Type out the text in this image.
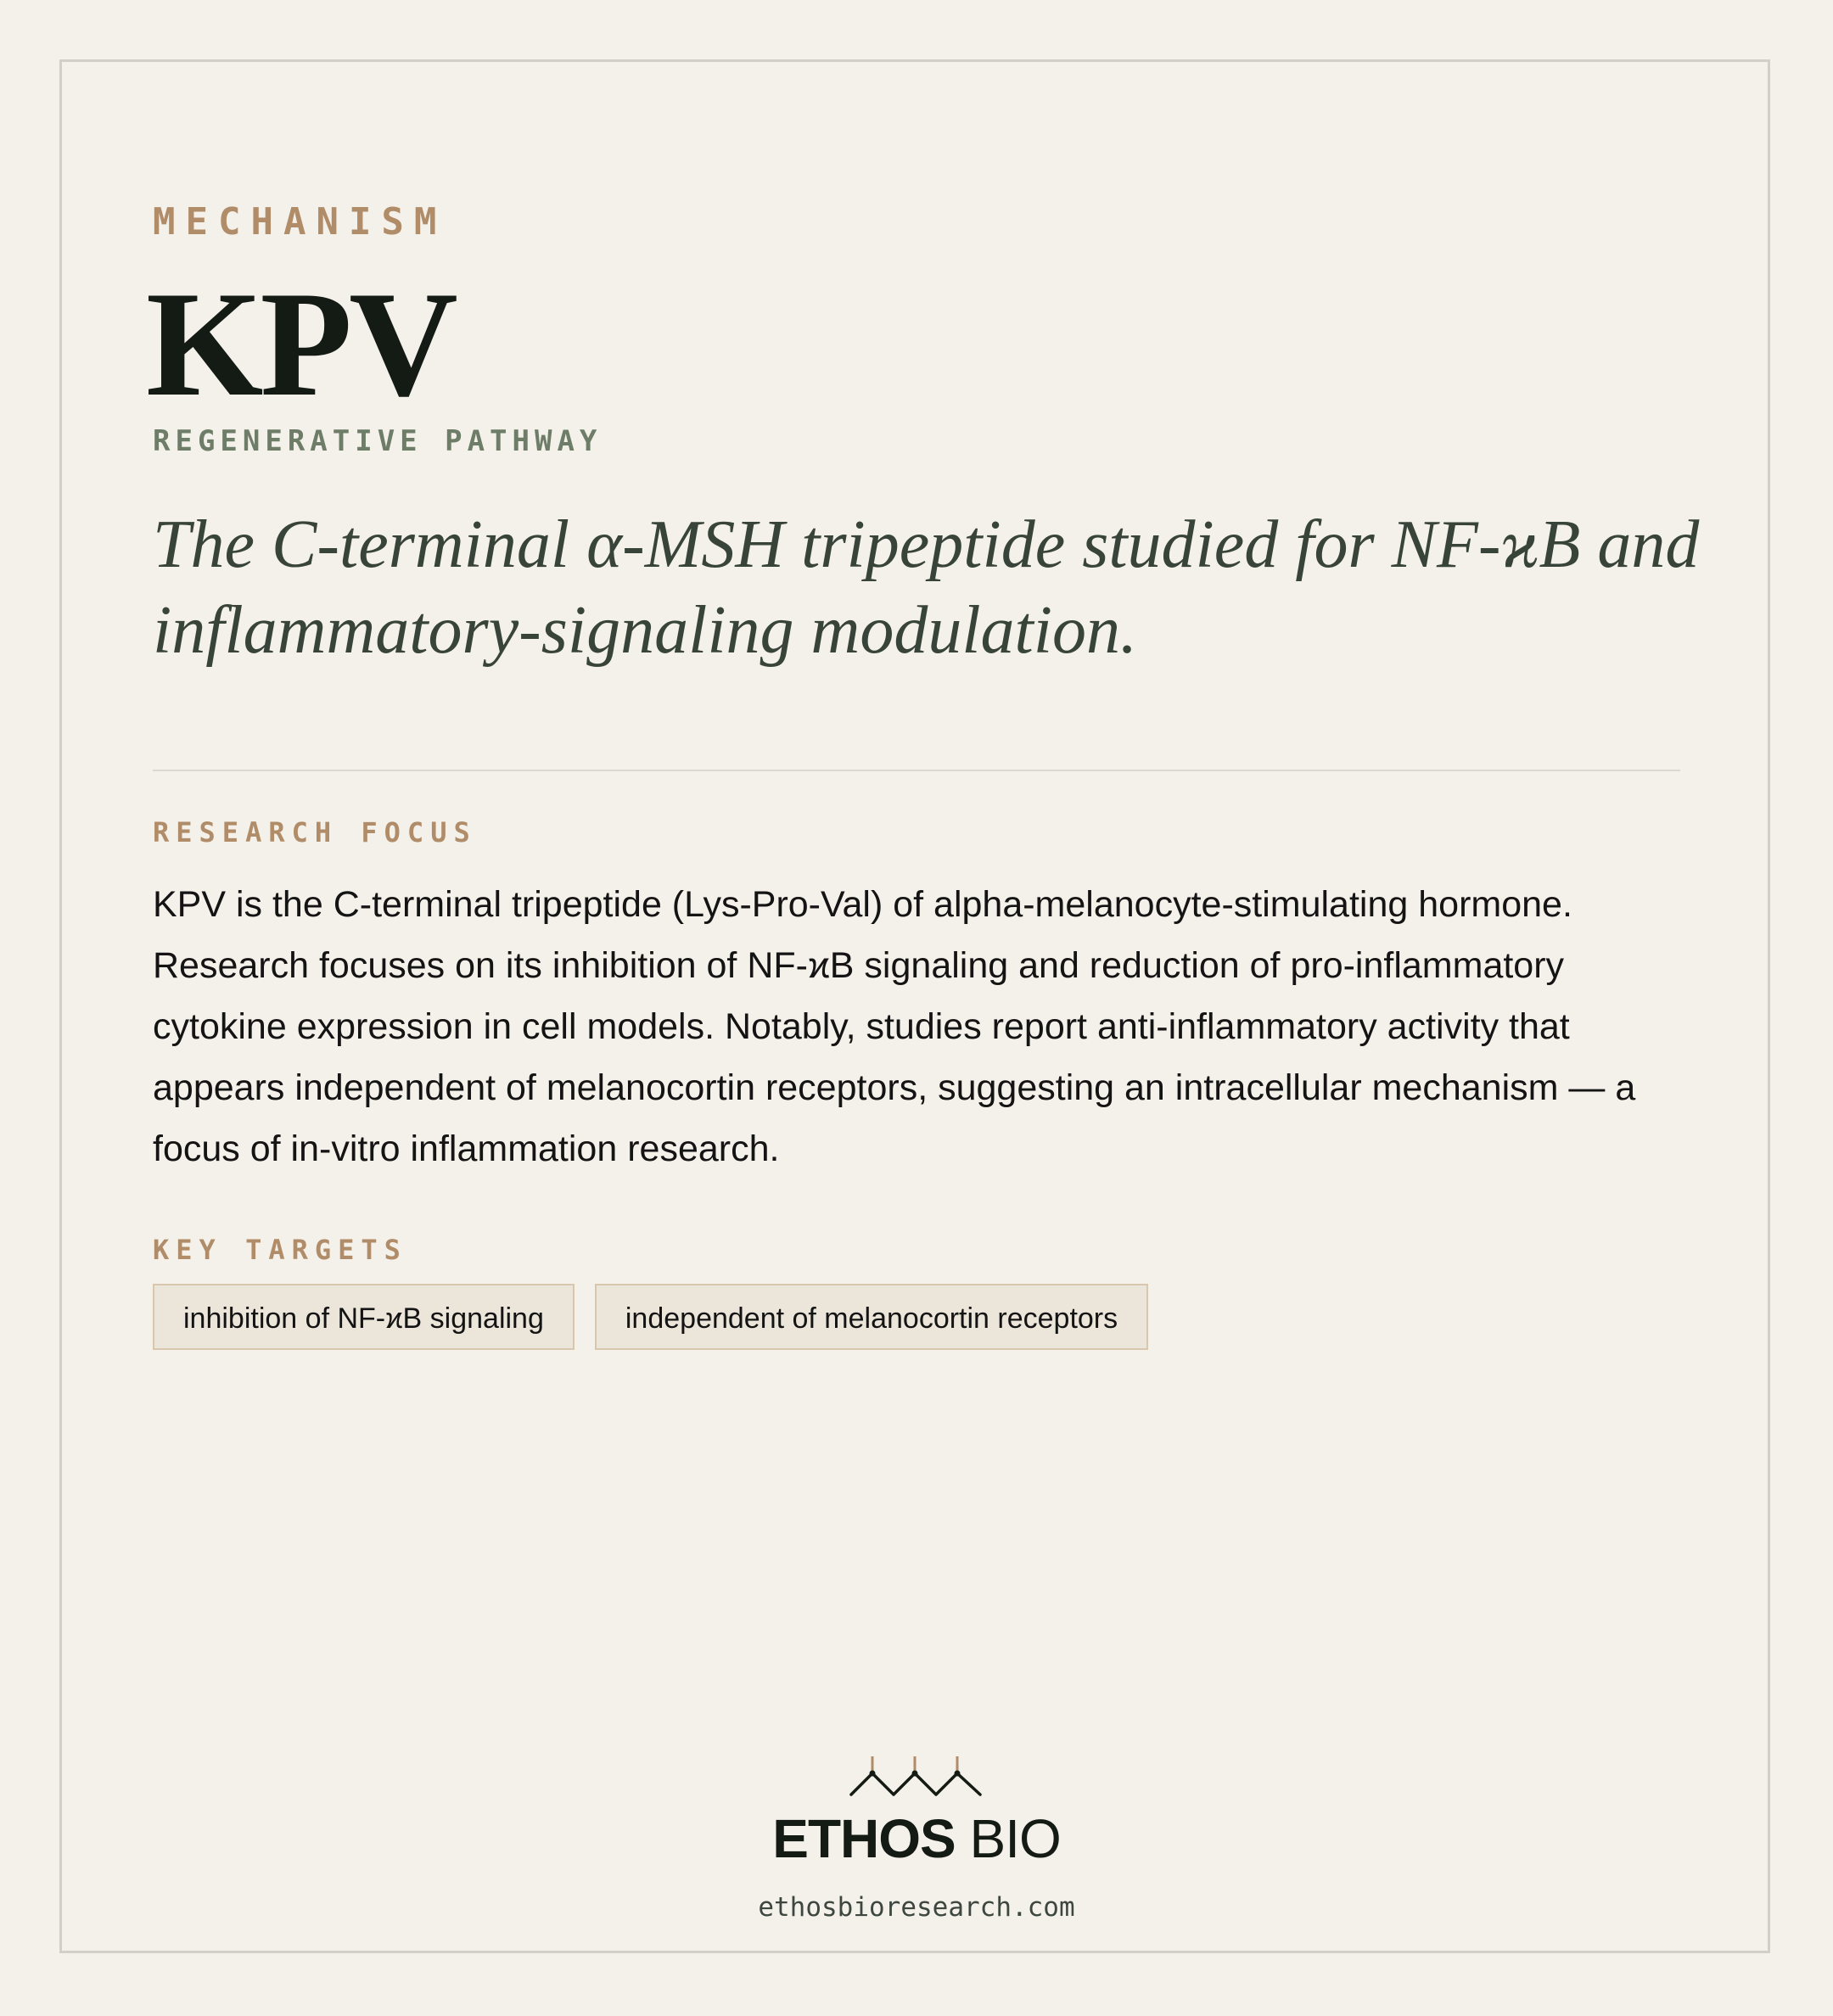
MECHANISM

KPV

REGENERATIVE PATHWAY

The C-terminal α-MSH tripeptide studied for NF-ϰB and inflammatory-signaling modulation.

RESEARCH FOCUS

KPV is the C-terminal tripeptide (Lys-Pro-Val) of alpha-melanocyte-stimulating hormone. Research focuses on its inhibition of NF-ϰB signaling and reduction of pro-inflammatory cytokine expression in cell models. Notably, studies report anti-inflammatory activity that appears independent of melanocortin receptors, suggesting an intracellular mechanism — a focus of in-vitro inflammation research.

KEY TARGETS

inhibition of NF-ϰB signaling	independent of melanocortin receptors

ETHOS BIO

ethosbioresearch.com
